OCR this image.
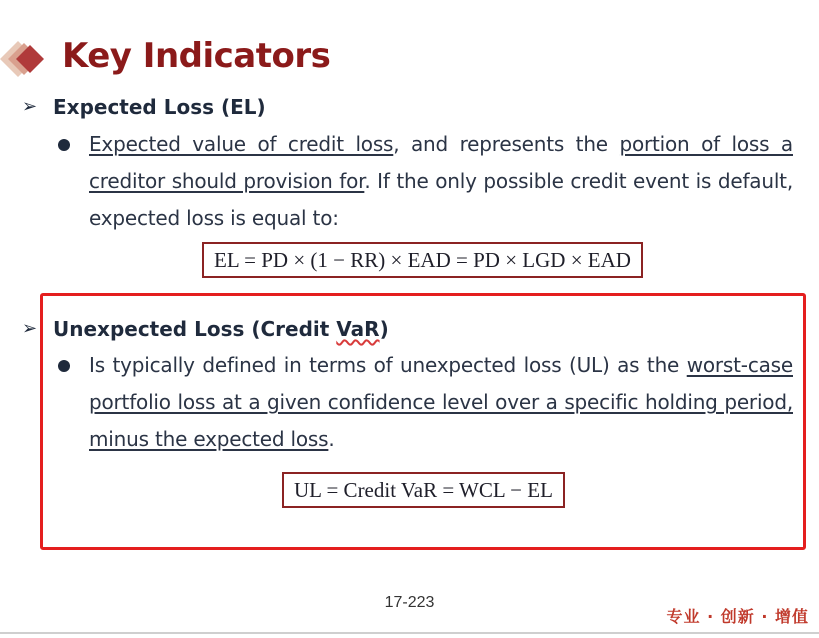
Key Indicators
➢ Expected Loss (EL)
Expected value of credit loss, and represents the portion of loss a creditor should provision for. If the only possible credit event is default, expected loss is equal to:
EL = PD × (1 − RR) × EAD = PD × LGD × EAD
➢ Unexpected Loss (Credit VaR)
Is typically defined in terms of unexpected loss (UL) as the worst-case portfolio loss at a given confidence level over a specific holding period, minus the expected loss.
UL = Credit VaR = WCL − EL
17-223
专业 · 创新 · 增值
